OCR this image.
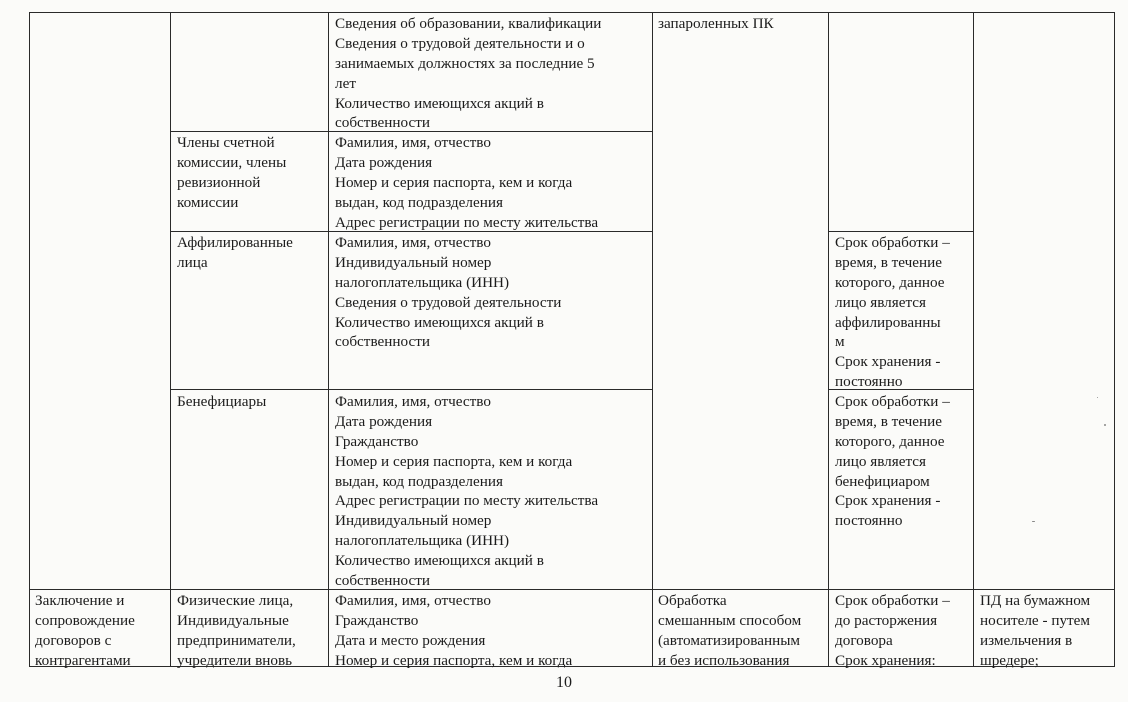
Сведения об образовании, квалификации
Сведения о трудовой деятельности и о
занимаемых должностях за последние 5
лет
Количество имеющихся акций в
собственности
запароленных ПК
Члены счетной
комиссии, члены
ревизионной
комиссии
Фамилия, имя, отчество
Дата рождения
Номер и серия паспорта, кем и когда
выдан, код подразделения
Адрес регистрации по месту жительства
Аффилированные
лица
Фамилия, имя, отчество
Индивидуальный номер
налогоплательщика (ИНН)
Сведения о трудовой деятельности
Количество имеющихся акций в
собственности
Срок обработки –
время, в течение
которого, данное
лицо является
аффилированны
м
Срок хранения -
постоянно
Бенефициары	Фамилия, имя, отчество
Дата рождения
Гражданство
Номер и серия паспорта, кем и когда
выдан, код подразделения
Адрес регистрации по месту жительства
Индивидуальный номер
налогоплательщика (ИНН)
Количество имеющихся акций в
собственности
Срок обработки –
время, в течение
которого, данное
лицо является
бенефициаром
Срок хранения -
постоянно
Заключение и
сопровождение
договоров с
контрагентами
Физические лица,
Индивидуальные
предприниматели,
учредители вновь
Фамилия, имя, отчество
Гражданство
Дата и место рождения
Номер и серия паспорта, кем и когда
Обработка
смешанным способом
(автоматизированным
и без использования
Срок обработки –
до расторжения
договора
Срок хранения:
ПД на бумажном
носителе - путем
измельчения в
шредере;
10
